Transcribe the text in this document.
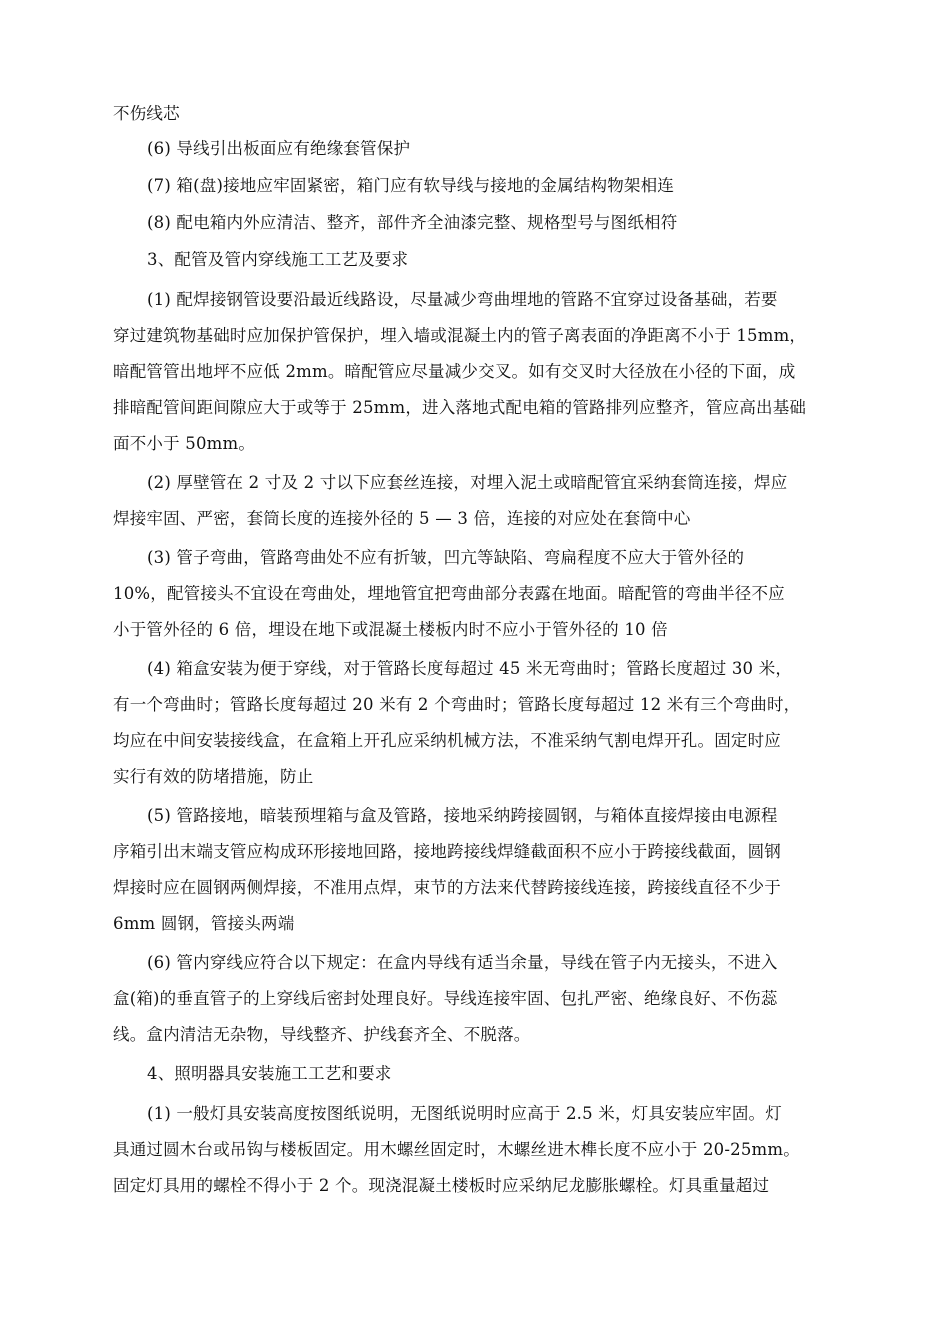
不伤线芯
(6) 导线引出板面应有绝缘套管保护
(7) 箱(盘)接地应牢固紧密，箱门应有软导线与接地的金属结构物架相连
(8) 配电箱内外应清洁、整齐，部件齐全油漆完整、规格型号与图纸相符
3、配管及管内穿线施工工艺及要求
(1) 配焊接钢管设要沿最近线路设，尽量减少弯曲埋地的管路不宜穿过设备基础，若要
穿过建筑物基础时应加保护管保护，埋入墙或混凝土内的管子离表面的净距离不小于 15mm，
暗配管管出地坪不应低 2mm。暗配管应尽量减少交叉。如有交叉时大径放在小径的下面，成
排暗配管间距间隙应大于或等于 25mm，进入落地式配电箱的管路排列应整齐，管应高出基础
面不小于 50mm。
(2) 厚壁管在 2 寸及 2 寸以下应套丝连接，对埋入泥土或暗配管宜采纳套筒连接，焊应
焊接牢固、严密，套筒长度的连接外径的 5 — 3 倍，连接的对应处在套筒中心
(3) 管子弯曲，管路弯曲处不应有折皱，凹亢等缺陷、弯扁程度不应大于管外径的
10%，配管接头不宜设在弯曲处，埋地管宜把弯曲部分表露在地面。暗配管的弯曲半径不应
小于管外径的 6 倍，埋设在地下或混凝土楼板内时不应小于管外径的 10 倍
(4) 箱盒安装为便于穿线，对于管路长度每超过 45 米无弯曲时；管路长度超过 30 米，
有一个弯曲时；管路长度每超过 20 米有 2 个弯曲时；管路长度每超过 12 米有三个弯曲时，
均应在中间安装接线盒，在盒箱上开孔应采纳机械方法，不准采纳气割电焊开孔。固定时应
实行有效的防堵措施，防止
(5) 管路接地，暗装预埋箱与盒及管路，接地采纳跨接圆钢，与箱体直接焊接由电源程
序箱引出末端支管应构成环形接地回路，接地跨接线焊缝截面积不应小于跨接线截面，圆钢
焊接时应在圆钢两侧焊接，不准用点焊，束节的方法来代替跨接线连接，跨接线直径不少于
6mm 圆钢，管接头两端
(6) 管内穿线应符合以下规定：在盒内导线有适当余量，导线在管子内无接头，不进入
盒(箱)的垂直管子的上穿线后密封处理良好。导线连接牢固、包扎严密、绝缘良好、不伤蕊
线。盒内清洁无杂物，导线整齐、护线套齐全、不脱落。
4、照明器具安装施工工艺和要求
(1) 一般灯具安装高度按图纸说明，无图纸说明时应高于 2.5 米，灯具安装应牢固。灯
具通过圆木台或吊钩与楼板固定。用木螺丝固定时，木螺丝进木榫长度不应小于 20-25mm。
固定灯具用的螺栓不得小于 2 个。现浇混凝土楼板时应采纳尼龙膨胀螺栓。灯具重量超过
